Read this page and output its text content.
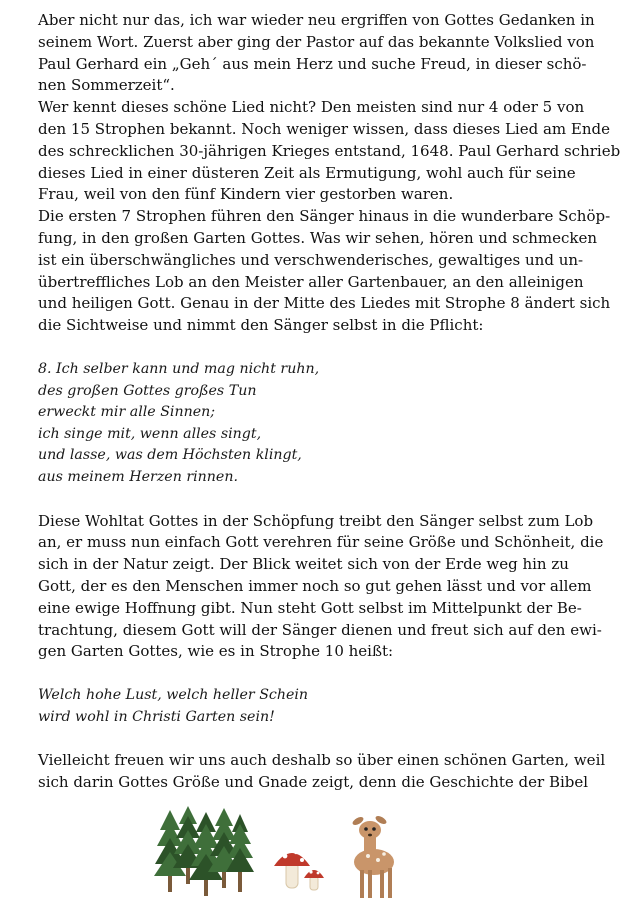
Aber nicht nur das, ich war wieder neu ergriffen von Gottes Gedanken in
seinem Wort. Zuerst aber ging der Pastor auf das bekannte Volkslied von
Paul Gerhard ein „Geh´ aus mein Herz und suche Freud, in dieser schö-
nen Sommerzeit“.
Wer kennt dieses schöne Lied nicht? Den meisten sind nur 4 oder 5 von
den 15 Strophen bekannt. Noch weniger wissen, dass dieses Lied am Ende
des schrecklichen 30-jährigen Krieges entstand, 1648. Paul Gerhard schrieb
dieses Lied in einer düsteren Zeit als Ermutigung, wohl auch für seine
Frau, weil von den fünf Kindern vier gestorben waren.
Die ersten 7 Strophen führen den Sänger hinaus in die wunderbare Schöp-
fung, in den großen Garten Gottes. Was wir sehen, hören und schmecken
ist ein überschwängliches und verschwenderisches, gewaltiges und un-
übertreffliches Lob an den Meister aller Gartenbauer, an den alleinigen
und heiligen Gott. Genau in der Mitte des Liedes mit Strophe 8 ändert sich
die Sichtweise und nimmt den Sänger selbst in die Pflicht:

8. Ich selber kann und mag nicht ruhn,
des großen Gottes großes Tun
erweckt mir alle Sinnen;
ich singe mit, wenn alles singt,
und lasse, was dem Höchsten klingt,
aus meinem Herzen rinnen.

Diese Wohltat Gottes in der Schöpfung treibt den Sänger selbst zum Lob
an, er muss nun einfach Gott verehren für seine Größe und Schönheit, die
sich in der Natur zeigt. Der Blick weitet sich von der Erde weg hin zu
Gott, der es den Menschen immer noch so gut gehen lässt und vor allem
eine ewige Hoffnung gibt. Nun steht Gott selbst im Mittelpunkt der Be-
trachtung, diesem Gott will der Sänger dienen und freut sich auf den ewi-
gen Garten Gottes, wie es in Strophe 10 heißt:

Welch hohe Lust, welch heller Schein
wird wohl in Christi Garten sein!

Vielleicht freuen wir uns auch deshalb so über einen schönen Garten, weil
sich darin Gottes Größe und Gnade zeigt, denn die Geschichte der Bibel
